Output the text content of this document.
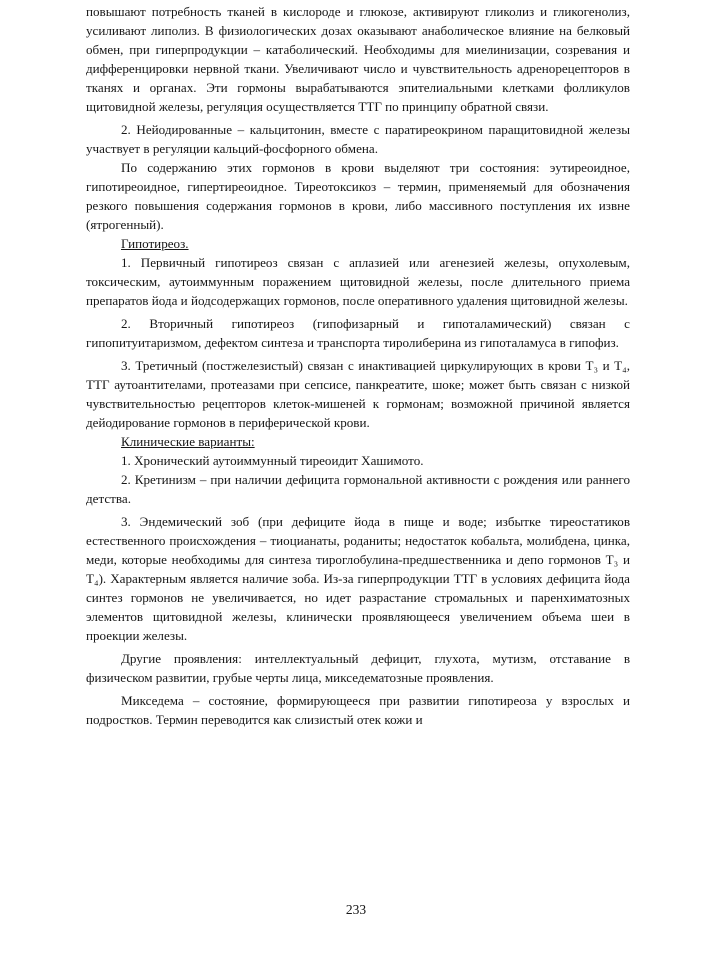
повышают потребность тканей в кислороде и глюкозе, активируют гликолиз и гликогенолиз, усиливают липолиз. В физиологических дозах оказывают анаболическое влияние на белковый обмен, при гиперпродукции – катаболический. Необходимы для миелинизации, созревания и дифференцировки нервной ткани. Увеличивают число и чувствительность адренорецепторов в тканях и органах. Эти гормоны вырабатываются эпителиальными клетками фолликулов щитовидной железы, регуляция осуществляется ТТГ по принципу обратной связи.

2. Нейодированные – кальцитонин, вместе с паратиреокрином паращитовидной железы участвует в регуляции кальций-фосфорного обмена.

По содержанию этих гормонов в крови выделяют три состояния: эутиреоидное, гипотиреоидное, гипертиреоидное. Тиреотоксикоз – термин, применяемый для обозначения резкого повышения содержания гормонов в крови, либо массивного поступления их извне (ятрогенный).

Гипотиреоз.

1. Первичный гипотиреоз связан с аплазией или агенезией железы, опухолевым, токсическим, аутоиммунным поражением щитовидной железы, после длительного приема препаратов йода и йодсодержащих гормонов, после оперативного удаления щитовидной железы.

2. Вторичный гипотиреоз (гипофизарный и гипоталамический) связан с гипопитуитаризмом, дефектом синтеза и транспорта тиролиберина из гипоталамуса в гипофиз.

3. Третичный (постжелезистый) связан с инактивацией циркулирующих в крови Т₃ и Т₄, ТТГ аутоантителами, протеазами при сепсисе, панкреатите, шоке; может быть связан с низкой чувствительностью рецепторов клеток-мишеней к гормонам; возможной причиной является дейодирование гормонов в периферической крови.

Клинические варианты:

1. Хронический аутоиммунный тиреоидит Хашимото.

2. Кретинизм – при наличии дефицита гормональной активности с рождения или раннего детства.

3. Эндемический зоб (при дефиците йода в пище и воде; избытке тиреостатиков естественного происхождения – тиоцианаты, роданиты; недостаток кобальта, молибдена, цинка, меди, которые необходимы для синтеза тироглобулина-предшественника и депо гормонов Т₃ и Т₄). Характерным является наличие зоба. Из-за гиперпродукции ТТГ в условиях дефицита йода синтез гормонов не увеличивается, но идет разрастание стромальных и паренхиматозных элементов щитовидной железы, клинически проявляющееся увеличением объема шеи в проекции железы.

Другие проявления: интеллектуальный дефицит, глухота, мутизм, отставание в физическом развитии, грубые черты лица, микседематозные проявления.

Микседема – состояние, формирующееся при развитии гипотиреоза у взрослых и подростков. Термин переводится как слизистый отек кожи и

233
